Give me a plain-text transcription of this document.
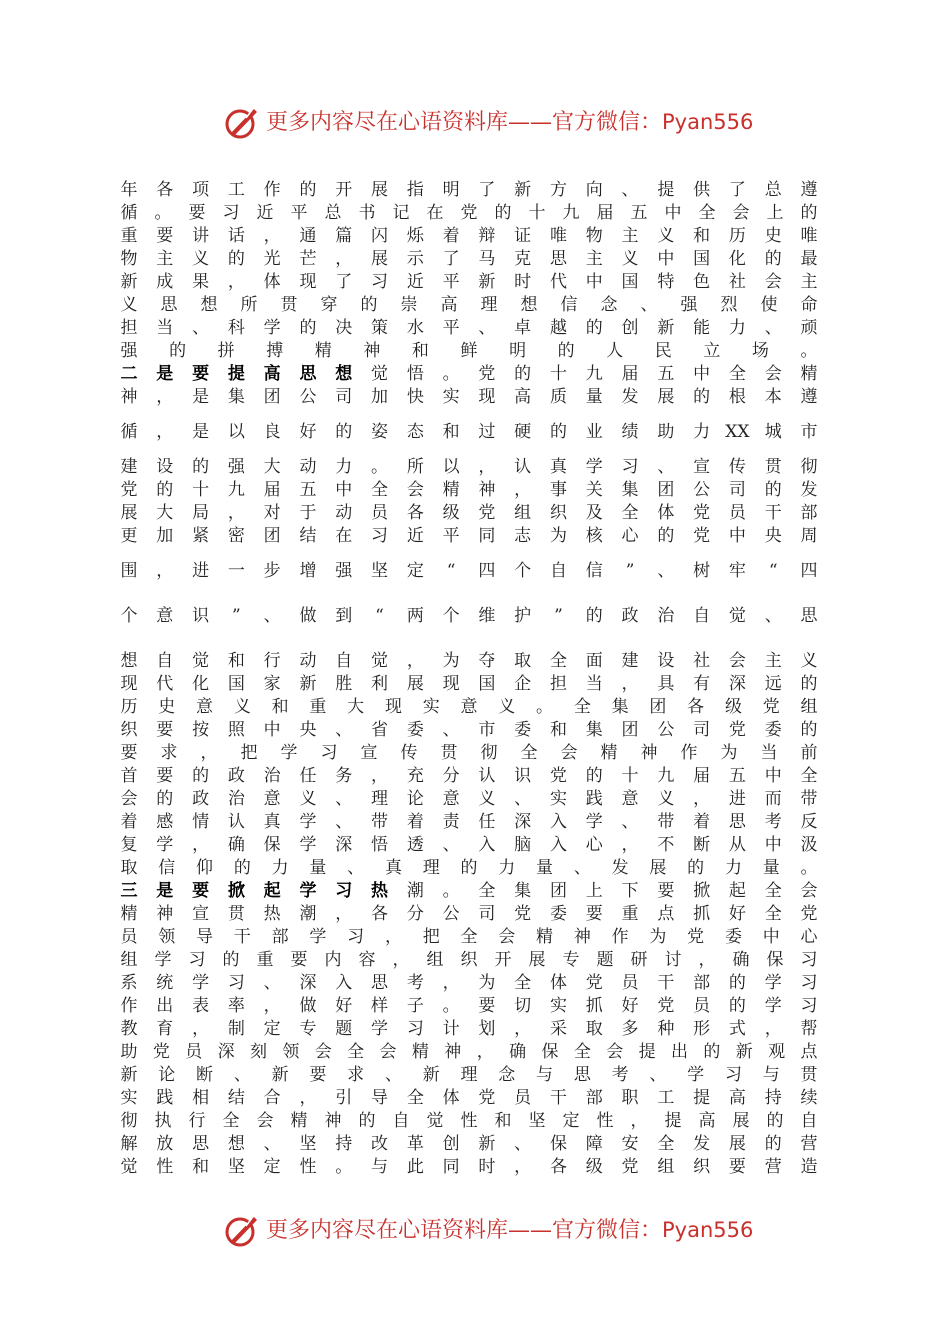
更多内容尽在心语资料库——官方微信：Pyan556
年 各 项 工 作 的 开 展 指 明 了 新 方 向 、 提 供 了 总 遵
循 。 要 习 近 平 总 书 记 在 党 的 十 九 届 五 中 全 会 上 的
重 要 讲 话 ， 通 篇 闪 烁 着 辩 证 唯 物 主 义 和 历 史 唯
物 主 义 的 光 芒 ， 展 示 了 马 克 思 主 义 中 国 化 的 最
新 成 果 ， 体 现 了 习 近 平 新 时 代 中 国 特 色 社 会 主
义 思 想 所 贯 穿 的 崇 高 理 想 信 念 、 强 烈 使 命
担 当 、 科 学 的 决 策 水 平 、 卓 越 的 创 新 能 力 、 顽
强 的 拼 搏 精 神 和 鲜 明 的 人 民 立 场 。
二 是 要 提 高 思 想 觉 悟 。 党 的 十 九 届 五 中 全 会 精
神 ， 是 集 团 公 司 加 快 实 现 高 质 量 发 展 的 根 本 遵
循 ， 是 以 良 好 的 姿 态 和 过 硬 的 业 绩 助 力 XX 城 市
建 设 的 强 大 动 力 。 所 以 ， 认 真 学 习 、 宣 传 贯 彻
党 的 十 九 届 五 中 全 会 精 神 ， 事 关 集 团 公 司 的 发
展 大 局 ， 对 于 动 员 各 级 党 组 织 及 全 体 党 员 干 部
更 加 紧 密 团 结 在 习 近 平 同 志 为 核 心 的 党 中 央 周
围 ， 进 一 步 增 强 坚 定	“	四 个 自 信	”	、 树 牢	“	四
个 意 识	”	、 做 到	“	两 个 维 护	”	的 政 治 自 觉 、 思
想 自 觉 和 行 动 自 觉 ， 为 夺 取 全 面 建 设 社 会 主 义
现 代 化 国 家 新 胜 利 展 现 国 企 担 当 ， 具 有 深 远 的
历 史 意 义 和 重 大 现 实 意 义 。 全 集 团 各 级 党 组
织 要 按 照 中 央 、 省 委 、 市 委 和 集 团 公 司 党 委 的
要 求 ， 把 学 习 宣 传 贯 彻 全 会 精 神 作 为 当 前
首 要 的 政 治 任 务 ， 充 分 认 识 党 的 十 九 届 五 中 全
会 的 政 治 意 义 、 理 论 意 义 、 实 践 意 义 ， 进 而 带
着 感 情 认 真 学 、 带 着 责 任 深 入 学 、 带 着 思 考 反
复 学 ， 确 保 学 深 悟 透 、 入 脑 入 心 ， 不 断 从 中 汲
取 信 仰 的 力 量 、 真 理 的 力 量 、 发 展 的 力 量 。
三 是 要 掀 起 学 习 热 潮 。 全 集 团 上 下 要 掀 起 全 会
精 神 宣 贯 热 潮 ， 各 分 公 司 党 委 要 重 点 抓 好 全 党
员 领 导 干 部 学 习 ， 把 全 会 精 神 作 为 党 委 中 心
组 学 习 的 重 要 内 容 ， 组 织 开 展 专 题 研 讨 ， 确 保 习
系 统 学 习 、 深 入 思 考 ， 为 全 体 党 员 干 部 的 学 习
作 出 表 率 ， 做 好 样 子 。 要 切 实 抓 好 党 员 的 学 习
教 育 ， 制 定 专 题 学 习 计 划 ， 采 取 多 种 形 式 ， 帮
助 党 员 深 刻 领 会 全 会 精 神 ， 确 保 全 会 提 出 的 新 观 点
新 论 断 、 新 要 求 、 新 理 念 与 思 考 、 学 习 与 贯
实 践 相 结 合 ， 引 导 全 体 党 员 干 部 职 工 提 高 持 续
彻 执 行 全 会 精 神 的 自 觉 性 和 坚 定 性 ， 提 高 展 的 自
解 放 思 想 、 坚 持 改 革 创 新 、 保 障 安 全 发 展 的 营
觉 性 和 坚 定 性 。 与 此 同 时 ， 各 级 党 组 织 要 营 造
更多内容尽在心语资料库——官方微信：Pyan556
